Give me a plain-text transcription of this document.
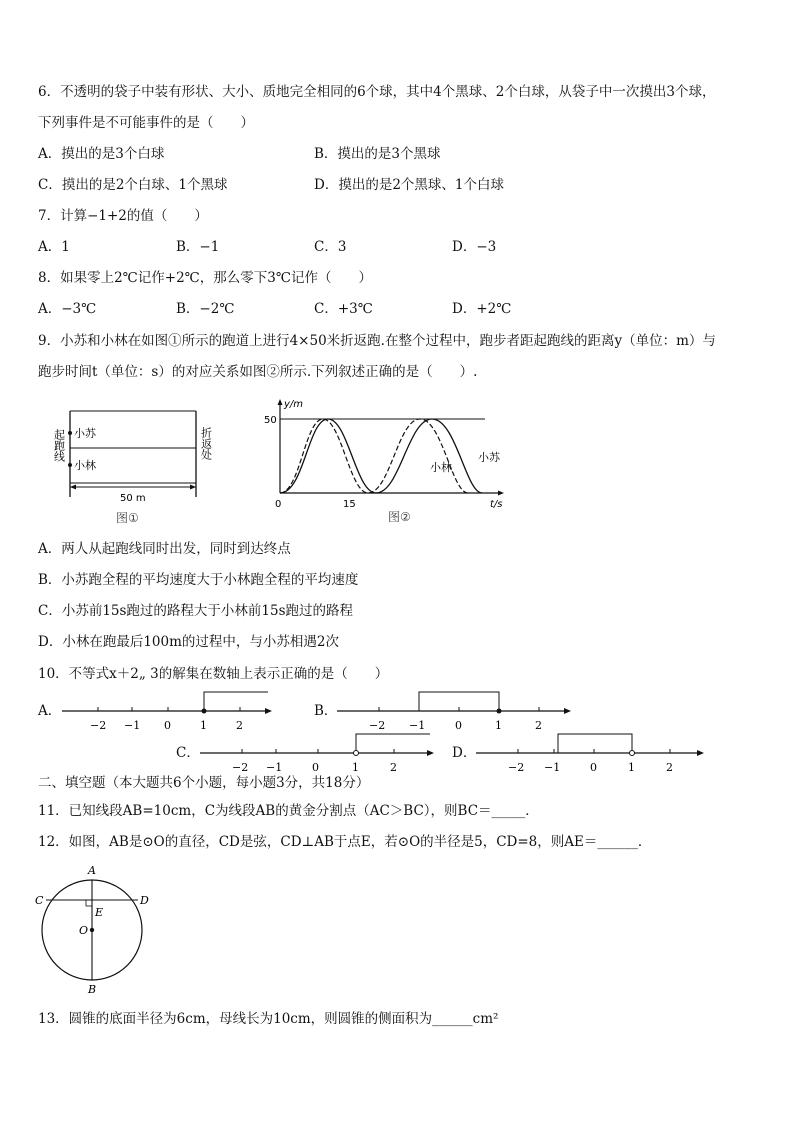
6．不透明的袋子中装有形状、大小、质地完全相同的6个球，其中4个黑球、2个白球，从袋子中一次摸出3个球，
下列事件是不可能事件的是（　　）
A．摸出的是3个白球	B．摸出的是3个黑球
C．摸出的是2个白球、1个黑球	D．摸出的是2个黑球、1个白球
7．计算−1+2的值（　　）
A．1	B．−1	C．3	D．−3
8．如果零上2℃记作+2℃，那么零下3℃记作（　　）
A．−3℃	B．−2℃	C．+3℃	D．+2℃
9．小苏和小林在如图①所示的跑道上进行4×50米折返跑.在整个过程中，跑步者距起跑线的距离y（单位：m）与
跑步时间t（单位：s）的对应关系如图②所示.下列叙述正确的是（　　）.
小苏
小林
起跑线	折返处
50 m
图①
y/m
50
0	15	t/s
小林
小苏
图②
A．两人从起跑线同时出发，同时到达终点
B．小苏跑全程的平均速度大于小林跑全程的平均速度
C．小苏前15s跑过的路程大于小林前15s跑过的路程
D．小林在跑最后100m的过程中，与小苏相遇2次
10．不等式x＋2„ 3的解集在数轴上表示正确的是（　　）
A．
−2 −1 0	1	2
B．
−2 −1	0	1	2
C．
−2 −1	0	1	2
D．
−2 −1	0	1	2
二、填空题（本大题共6个小题，每小题3分，共18分）
11．已知线段AB=10cm，C为线段AB的黄金分割点（AC＞BC），则BC＝_____．
12．如图，AB是⊙O的直径，CD是弦，CD⊥AB于点E，若⊙O的半径是5，CD=8，则AE＝______．
A
B
C	D
E
O
13．圆锥的底面半径为6cm，母线长为10cm，则圆锥的侧面积为______cm²
